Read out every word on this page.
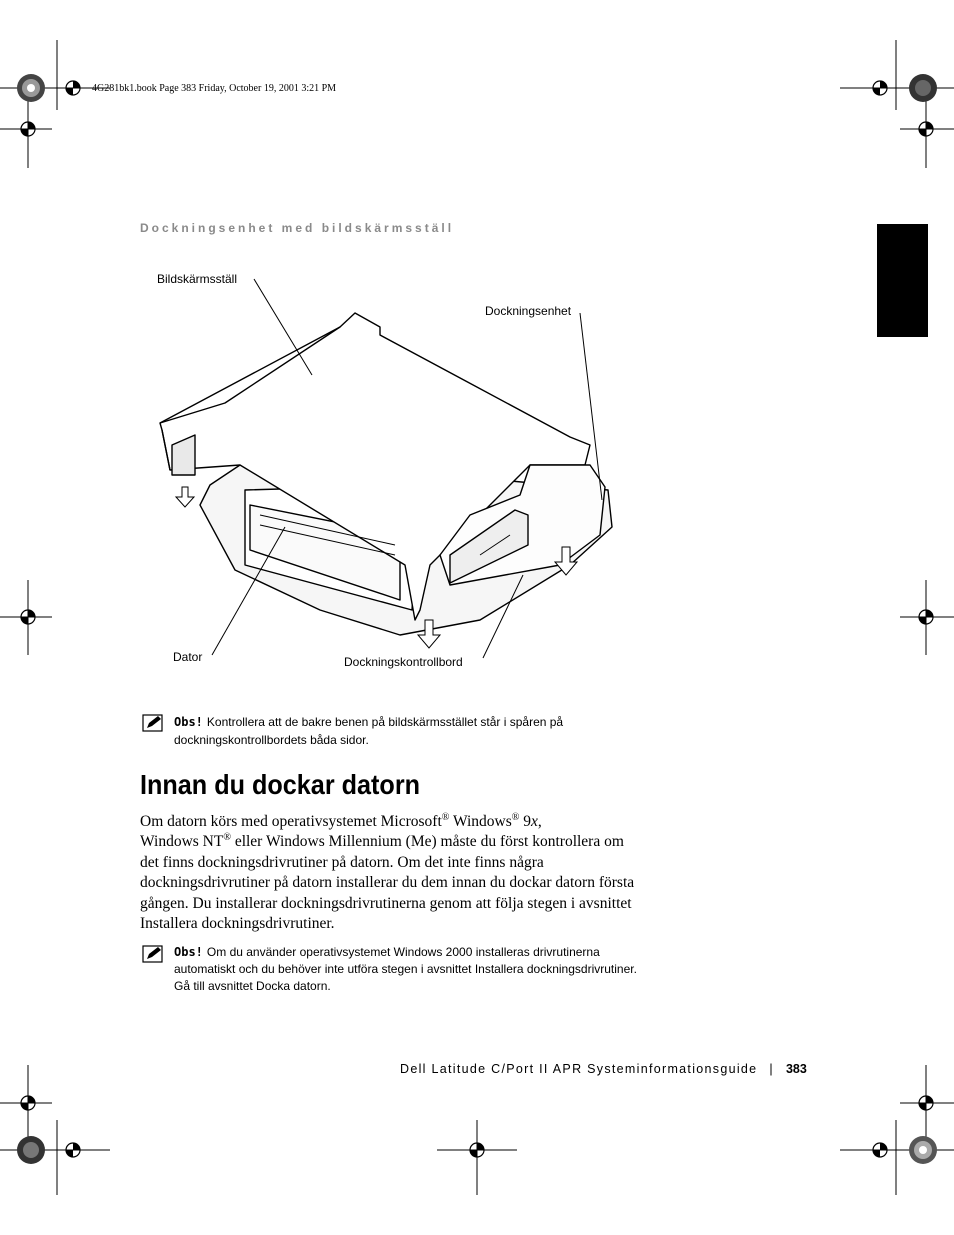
4G281bk1.book Page 383 Friday, October 19, 2001 3:21 PM
Dockningsenhet med bildskärmsställ
Bildskärmsställ
Dockningsenhet
Dator	Dockningskontrollbord
Obs! Kontrollera att de bakre benen på bildskärmsstället står i spåren på dockningskontrollbordets båda sidor.
Innan du dockar datorn
Om datorn körs med operativsystemet Microsoft® Windows® 9x,
Windows NT® eller Windows Millennium (Me) måste du först kontrollera om det finns dockningsdrivrutiner på datorn. Om det inte finns några dockningsdrivrutiner på datorn installerar du dem innan du dockar datorn första gången. Du installerar dockningsdrivrutinerna genom att följa stegen i avsnittet Installera dockningsdrivrutiner.
Obs! Om du använder operativsystemet Windows 2000 installeras drivrutinerna automatiskt och du behöver inte utföra stegen i avsnittet Installera dockningsdrivrutiner. Gå till avsnittet Docka datorn.
Dell Latitude C/Port II APR Systeminformationsguide | 383
